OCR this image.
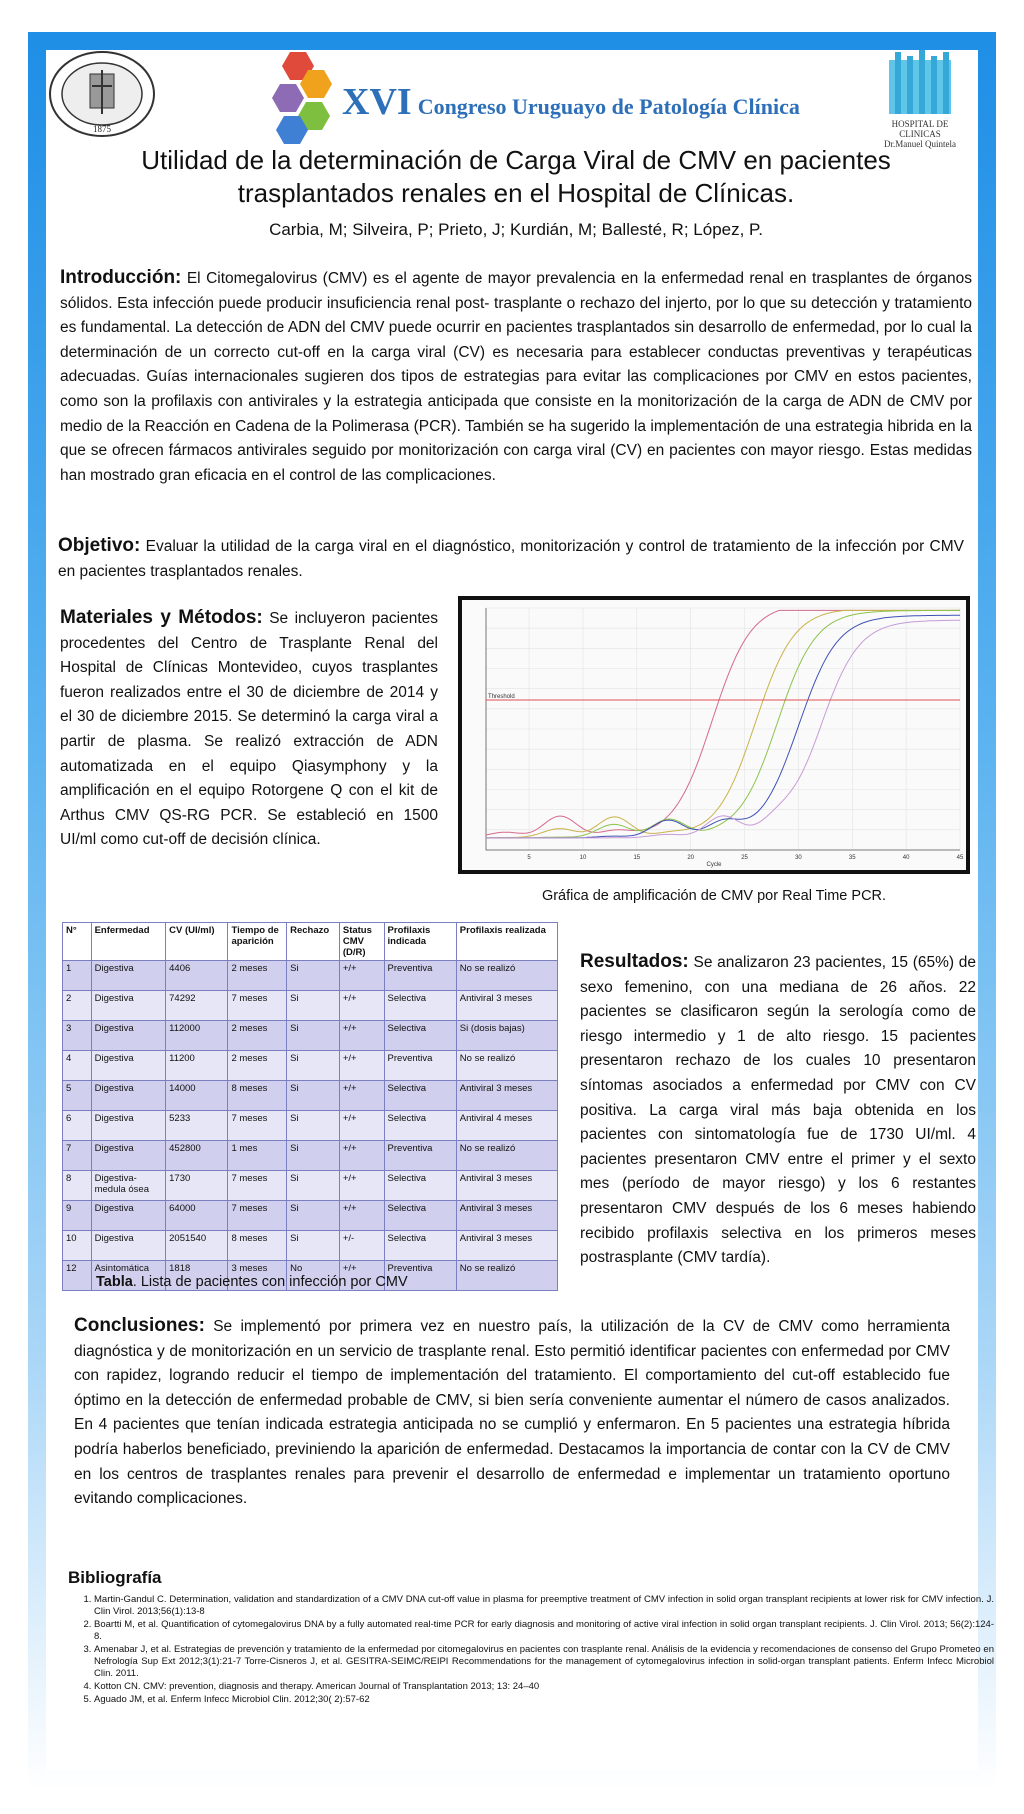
1875
XVI Congreso Uruguayo de Patología Clínica
HOSPITAL DE CLINICAS
Dr.Manuel Quintela
Utilidad de la determinación de Carga Viral de CMV en pacientes
trasplantados renales en el Hospital de Clínicas.
Carbia, M; Silveira, P; Prieto, J; Kurdián, M; Ballesté, R; López, P.
Introducción: El Citomegalovirus (CMV) es el agente de mayor prevalencia en la enfermedad renal en trasplantes de órganos sólidos. Esta infección puede producir insuficiencia renal post- trasplante o rechazo del injerto, por lo que su detección y tratamiento es fundamental. La detección de ADN del CMV puede ocurrir en pacientes trasplantados sin desarrollo de enfermedad, por lo cual la determinación de un correcto cut-off en la carga viral (CV) es necesaria para establecer conductas preventivas y terapéuticas adecuadas. Guías internacionales sugieren dos tipos de estrategias para evitar las complicaciones por CMV en estos pacientes, como son la profilaxis con antivirales y la estrategia anticipada que consiste en la monitorización de la carga de ADN de CMV por medio de la Reacción en Cadena de la Polimerasa (PCR). También se ha sugerido la implementación de una estrategia hibrida en la que se ofrecen fármacos antivirales seguido por monitorización con carga viral (CV) en pacientes con mayor riesgo. Estas medidas han mostrado gran eficacia en el control de las complicaciones.
Objetivo: Evaluar la utilidad de la carga viral en el diagnóstico, monitorización y control de tratamiento de la infección por CMV en pacientes trasplantados renales.
Materiales y Métodos: Se incluyeron pacientes procedentes del Centro de Trasplante Renal del Hospital de Clínicas Montevideo, cuyos trasplantes fueron realizados entre el 30 de diciembre de 2014 y el 30 de diciembre 2015. Se determinó la carga viral a partir de plasma. Se realizó extracción de ADN automatizada en el equipo Qiasymphony y la amplificación en el equipo Rotorgene Q con el kit de Arthus CMV QS-RG PCR. Se estableció en 1500 UI/ml como cut-off de decisión clínica.
Threshold
5	10	15	20	25	30	35	40	45
Cycle
Gráfica de amplificación de CMV por Real Time PCR.
N°	Enfermedad	CV (UI/ml)	Tiempo de aparición	Rechazo	Status CMV (D/R)	Profilaxis indicada	Profilaxis realizada
1	Digestiva	4406	2 meses	Si	+/+	Preventiva	No se realizó
2	Digestiva	74292	7 meses	Si	+/+	Selectiva	Antiviral 3 meses
3	Digestiva	112000	2 meses	Si	+/+	Selectiva	Si (dosis bajas)
4	Digestiva	11200	2 meses	Si	+/+	Preventiva	No se realizó
5	Digestiva	14000	8 meses	Si	+/+	Selectiva	Antiviral 3 meses
6	Digestiva	5233	7 meses	Si	+/+	Selectiva	Antiviral 4 meses
7	Digestiva	452800	1 mes	Si	+/+	Preventiva	No se realizó
8	Digestiva-medula ósea	1730	7 meses	Si	+/+	Selectiva	Antiviral 3 meses
9	Digestiva	64000	7 meses	Si	+/+	Selectiva	Antiviral 3 meses
10	Digestiva	2051540	8 meses	Si	+/-	Selectiva	Antiviral 3 meses
12	Asintomática	1818	3 meses	No	+/+	Preventiva	No se realizó
Tabla. Lista de pacientes con infección por CMV
Resultados: Se analizaron 23 pacientes, 15 (65%) de sexo femenino, con una mediana de 26 años. 22 pacientes se clasificaron según la serología como de riesgo intermedio y 1 de alto riesgo. 15 pacientes presentaron rechazo de los cuales 10 presentaron síntomas asociados a enfermedad por CMV con CV positiva. La carga viral más baja obtenida en los pacientes con sintomatología fue de 1730 UI/ml. 4 pacientes presentaron CMV entre el primer y el sexto mes (período de mayor riesgo) y los 6 restantes presentaron CMV después de los 6 meses habiendo recibido profilaxis selectiva en los primeros meses postrasplante (CMV tardía).
Conclusiones: Se implementó por primera vez en nuestro país, la utilización de la CV de CMV como herramienta diagnóstica y de monitorización en un servicio de trasplante renal. Esto permitió identificar pacientes con enfermedad por CMV con rapidez, logrando reducir el tiempo de implementación del tratamiento. El comportamiento del cut-off establecido fue óptimo en la detección de enfermedad probable de CMV, si bien sería conveniente aumentar el número de casos analizados. En 4 pacientes que tenían indicada estrategia anticipada no se cumplió y enfermaron. En 5 pacientes una estrategia híbrida podría haberlos beneficiado, previniendo la aparición de enfermedad. Destacamos la importancia de contar con la CV de CMV en los centros de trasplantes renales para prevenir el desarrollo de enfermedad e implementar un tratamiento oportuno evitando complicaciones.
Bibliografía
1. Martin-Gandul C. Determination, validation and standardization of a CMV DNA cut-off value in plasma for preemptive treatment of CMV infection in solid organ transplant recipients at lower risk for CMV infection. J. Clin Virol. 2013;56(1):13-8
2. Boartti M, et al. Quantification of cytomegalovirus DNA by a fully automated real-time PCR for early diagnosis and monitoring of active viral infection in solid organ transplant recipients. J. Clin Virol. 2013; 56(2):124-8.
3. Amenabar J, et al. Estrategias de prevención y tratamiento de la enfermedad por citomegalovirus en pacientes con trasplante renal. Análisis de la evidencia y recomendaciones de consenso del Grupo Prometeo en Nefrología Sup Ext 2012;3(1):21-7 Torre-Cisneros J, et al. GESITRA-SEIMC/REIPI Recommendations for the management of cytomegalovirus infection in solid-organ transplant patients. Enferm Infecc Microbiol Clin. 2011.
4. Kotton CN. CMV: prevention, diagnosis and therapy. American Journal of Transplantation 2013; 13: 24–40
5. Aguado JM, et al. Enferm Infecc Microbiol Clin. 2012;30( 2):57-62
